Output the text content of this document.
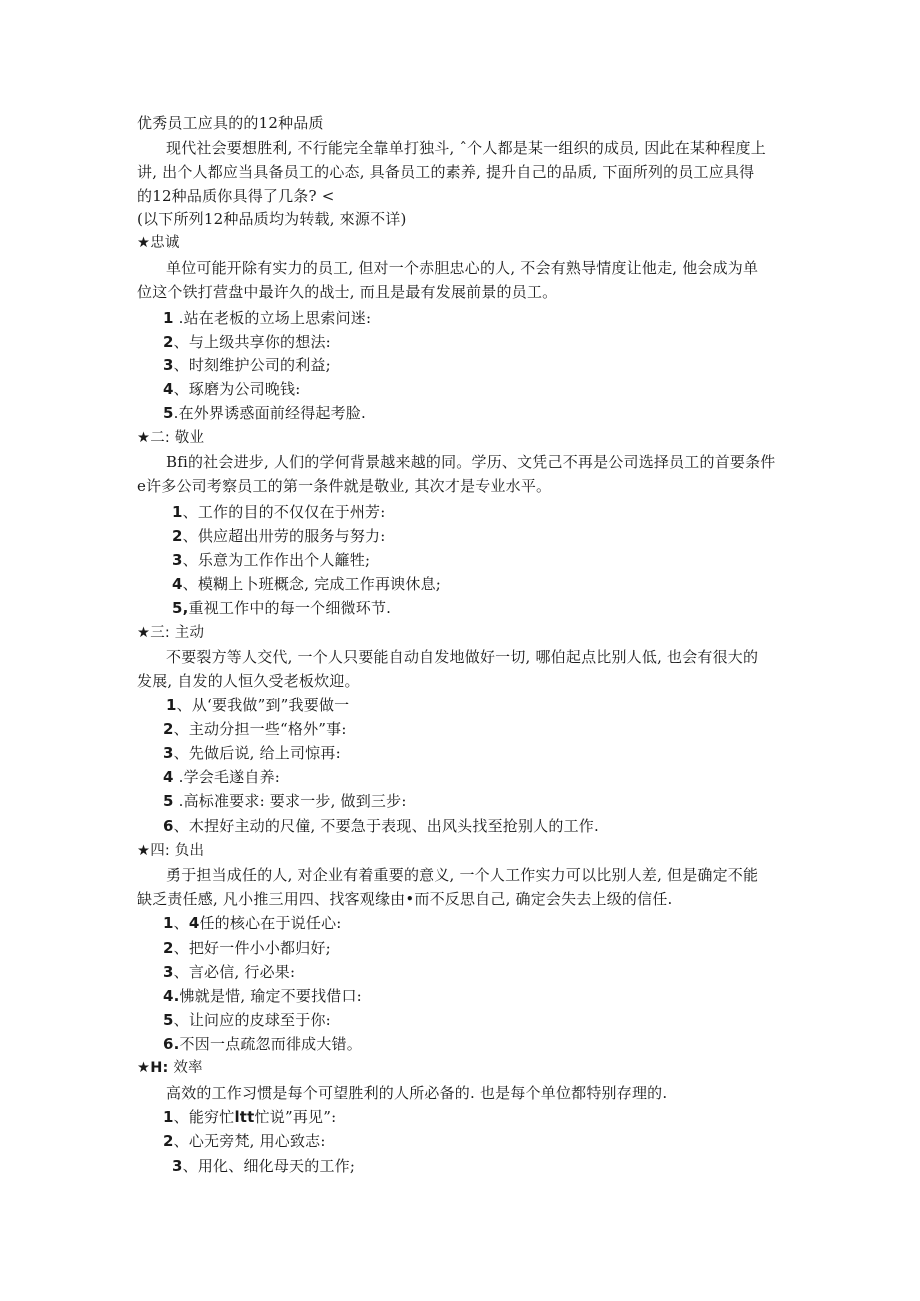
优秀员工应具的的12种品质
现代社会要想胜利, 不行能完全靠单打独斗, ˆ个人都是某一组织的成员, 因此在某种程度上
讲, 出个人都应当具备员工的心态, 具备员工的素养, 提升自己的品质, 下面所列的员工应具得
的12种品质你具得了几条? <
(以下所列12种品质均为转载, 來源不详)
★忠诚
单位可能开除有实力的员工, 但对一个赤胆忠心的人, 不会有熟导情度让他走, 他会成为单
位这个铁打营盘中最许久的战士, 而且是最有发展前景的员工。
1 .站在老板的立场上思索问迷:
2、与上级共享你的想法:
3、时刻维护公司的利益;
4、琢磨为公司晚钱:
5.在外界诱惑面前经得起考脸.
★二: 敬业
Bfi的社会进步, 人们的学何背景越来越的同。学历、文凭己不再是公司选择员工的首要条件
e许多公司考察员工的第一条件就是敬业, 其次才是专业水平。
1、工作的目的不仅仅在于州芳:
2、供应超出卅劳的服务与努力:
3、乐意为工作作出个人籬牲;
4、模糊上卜班概念, 完成工作再谀休息;
5,重视工作中的每一个细微环节.
★三: 主动
不要裂方等人交代, 一个人只要能自动自发地做好一切, 哪伯起点比别人低, 也会有很大的
发展, 自发的人恒久受老板炊迎。
1、从‘要我做”到”我要做一
2、主动分担一些“格外”事:
3、先做后说, 给上司惊再:
4 .学会毛遂自养:
5 .高标准要求: 要求一步, 做到三步:
6、木捏好主动的尺僮, 不要急于表现、出风头找至抢别人的工作.
★四: 负出
勇于担当成任的人, 对企业有着重要的意义, 一个人工作实力可以比别人差, 但是确定不能
缺乏责任感, 凡小推三用四、找客观缘由•而不反思自己, 确定会失去上级的信任.
1、4任的核心在于说任心:
2、把好一件小小都归好;
3、言必信, 行必果:
4.怫就是惜, 瑜定不要找借口:
5、让问应的皮球至于你:
6.不因一点疏忽而徘成大错。
★H: 效率
高效的工作习惯是每个可望胜利的人所必备的. 也是每个单位都特别存理的.
1、能穷忙ltt忙说”再见”:
2、心无旁梵, 用心致志:
3、用化、细化母天的工作;
